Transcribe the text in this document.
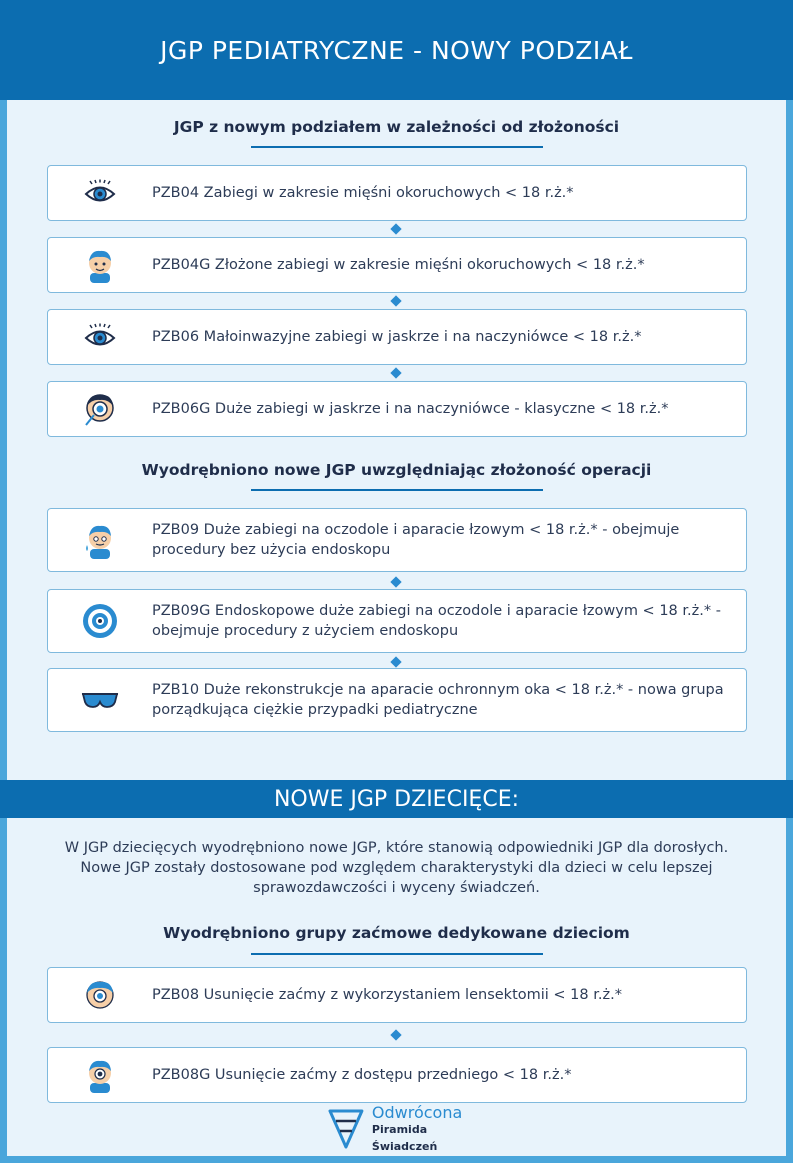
JGP PEDIATRYCZNE - NOWY PODZIAŁ
JGP z nowym podziałem w zależności od złożoności
PZB04 Zabiegi w zakresie mięśni okoruchowych < 18 r.ż.*
PZB04G Złożone zabiegi w zakresie mięśni okoruchowych < 18 r.ż.*
PZB06 Małoinwazyjne zabiegi w jaskrze i na naczyniówce < 18 r.ż.*
PZB06G Duże zabiegi w jaskrze i na naczyniówce - klasyczne < 18 r.ż.*
Wyodrębniono nowe JGP uwzględniając złożoność operacji
PZB09 Duże zabiegi na oczodole i aparacie łzowym < 18 r.ż.* - obejmuje procedury bez użycia endoskopu
PZB09G Endoskopowe duże zabiegi na oczodole i aparacie łzowym < 18 r.ż.* - obejmuje procedury z użyciem endoskopu
PZB10 Duże rekonstrukcje na aparacie ochronnym oka < 18 r.ż.* - nowa grupa porządkująca ciężkie przypadki pediatryczne
NOWE JGP DZIECIĘCE:

W JGP dziecięcych wyodrębniono nowe JGP, które stanowią odpowiedniki JGP dla dorosłych.

Nowe JGP zostały dostosowane pod względem charakterystyki dla dzieci w celu lepszej

sprawozdawczości i wyceny świadczeń.

Wyodrębniono grupy zaćmowe dedykowane dzieciom
PZB08 Usunięcie zaćmy z wykorzystaniem lensektomii < 18 r.ż.*
PZB08G Usunięcie zaćmy z dostępu przedniego < 18 r.ż.*
Odwrócona
Piramida Świadczeń
